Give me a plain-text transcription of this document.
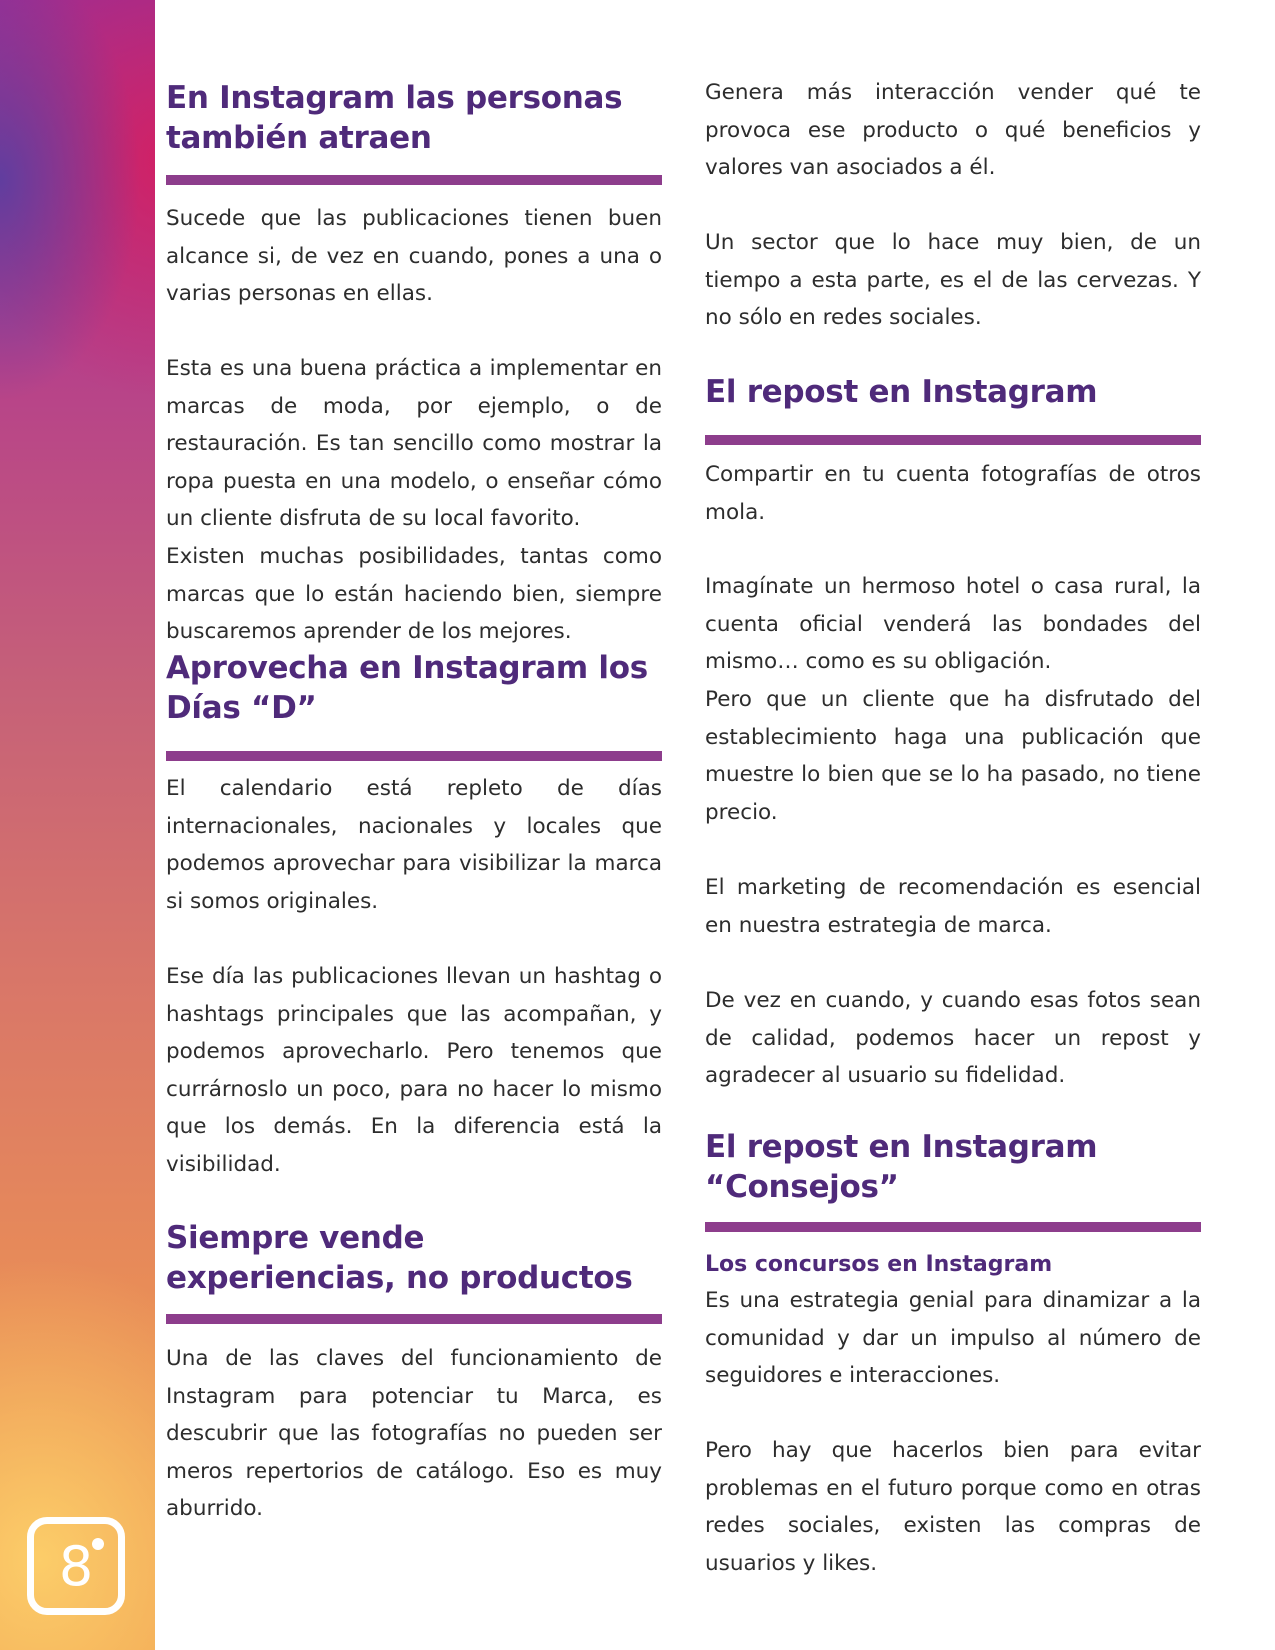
8
En Instagram las personas también atraen

Sucede que las publicaciones tienen buen alcance si, de vez en cuando, pones a una o varias personas en ellas.

Esta es una buena práctica a implementar en marcas de moda, por ejemplo, o de restauración. Es tan sencillo como mostrar la ropa puesta en una modelo, o enseñar cómo un cliente disfruta de su local favorito.

Existen muchas posibilidades, tantas como marcas que lo están haciendo bien, siempre buscaremos aprender de los mejores.

Aprovecha en Instagram los Días “D”

El calendario está repleto de días internacionales, nacionales y locales que podemos aprovechar para visibilizar la marca si somos originales.

Ese día las publicaciones llevan un hashtag o hashtags principales que las acompañan, y podemos aprovecharlo. Pero tenemos que currárnoslo un poco, para no hacer lo mismo que los demás. En la diferencia está la visibilidad.

Siempre vende experiencias, no productos

Una de las claves del funcionamiento de Instagram para potenciar tu Marca, es descubrir que las fotografías no pueden ser meros repertorios de catálogo. Eso es muy aburrido.

Genera más interacción vender qué te provoca ese producto o qué beneficios y valores van asociados a él.

Un sector que lo hace muy bien, de un tiempo a esta parte, es el de las cervezas. Y no sólo en redes sociales.

El repost en Instagram

Compartir en tu cuenta fotografías de otros mola.

Imagínate un hermoso hotel o casa rural, la cuenta oficial venderá las bondades del mismo… como es su obligación.

Pero que un cliente que ha disfrutado del establecimiento haga una publicación que muestre lo bien que se lo ha pasado, no tiene precio.

El marketing de recomendación es esencial en nuestra estrategia de marca.

De vez en cuando, y cuando esas fotos sean de calidad, podemos hacer un repost y agradecer al usuario su fidelidad.

El repost en Instagram “Consejos”
Los concursos en Instagram

Es una estrategia genial para dinamizar a la comunidad y dar un impulso al número de seguidores e interacciones.

Pero hay que hacerlos bien para evitar problemas en el futuro porque como en otras redes sociales, existen las compras de usuarios y likes.
